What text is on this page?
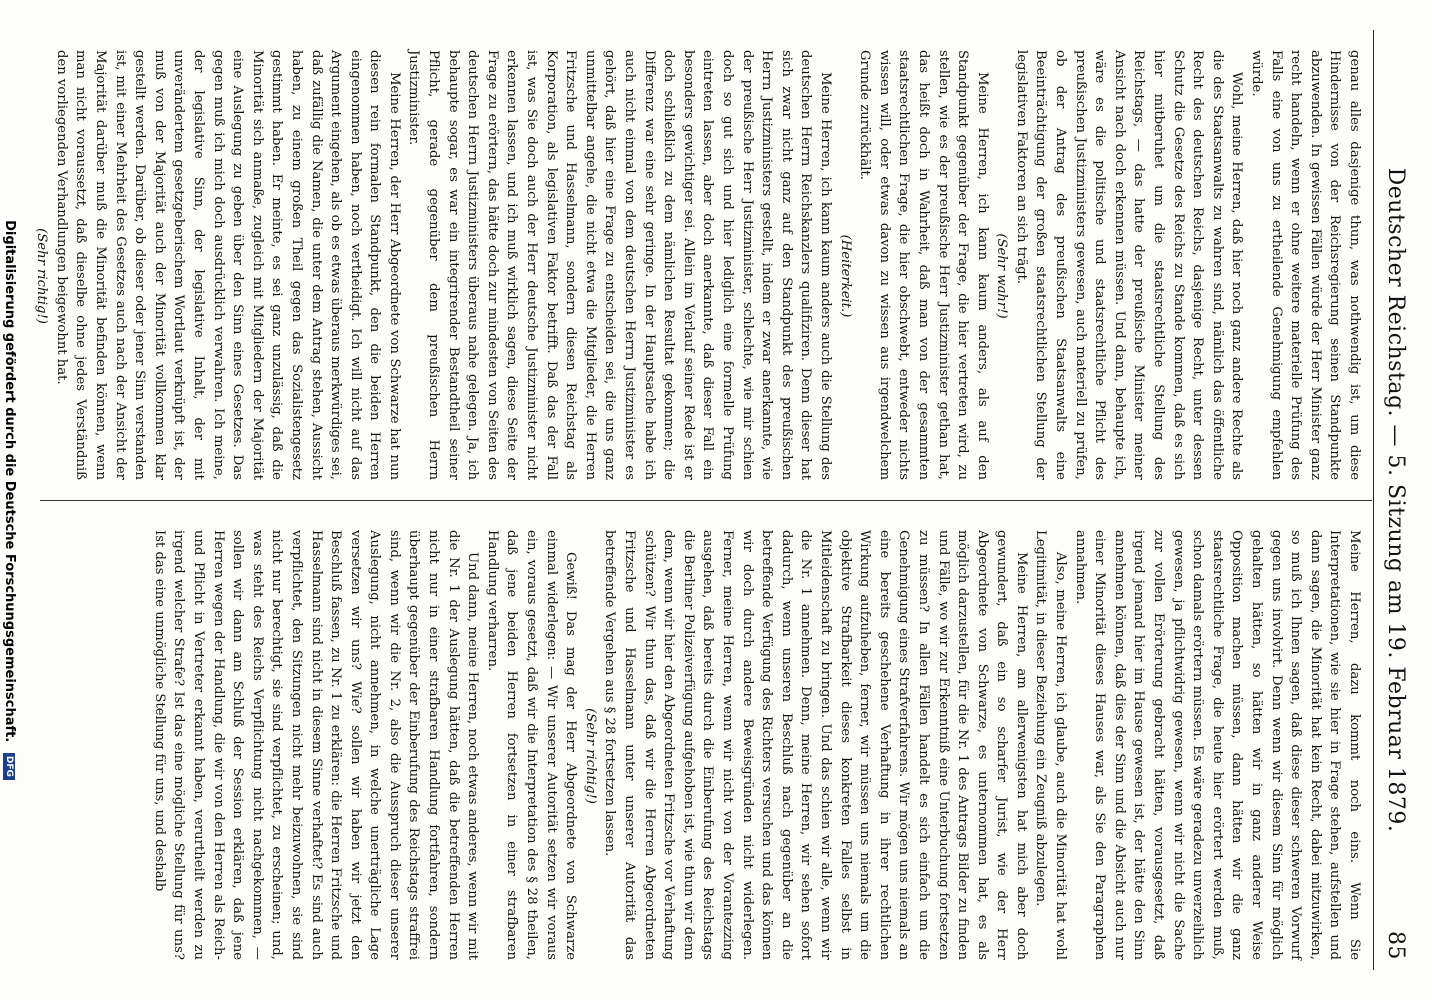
Deutscher Reichstag. — 5. Sitzung am 19. Februar 1879.
85

genau alles dasjenige thun, was nothwendig ist, um diese Hindernisse von der Reichsregierung seinen Standpunkte abzuwenden. In gewissen Fällen würde der Herr Minister ganz recht handeln, wenn er ohne weitere materielle Prüfung des Falls eine von uns zu ertheilende Genehmigung empfehlen würde.

Wohl, meine Herren, daß hier noch ganz andere Rechte als die des Staatsanwalts zu wahren sind, nämlich das öffentliche Recht des deutschen Reichs, dasjenige Recht, unter dessen Schutz die Gesetze des Reichs zu Stande kommen, daß es sich hier mitberuhet um die staatsrechtliche Stellung des Reichstags, — das hatte der preußische Minister meiner Ansicht nach doch erkennen müssen. Und dann, behaupte ich, wäre es die politische und staatsrechtliche Pflicht des preußischen Justizministers gewesen, auch materiell zu prüfen, ob der Antrag des preußischen Staatsanwalts eine Beeinträchtigung der großen staatsrechtlichen Stellung der legislativen Faktoren an sich trägt.

(Sehr wahr!)

Meine Herren, ich kann kaum anders, als auf den Standpunkt gegenüber der Frage, die hier vertreten wird, zu stellen, wie es der preußische Herr Justizminister gethan hat, das heißt doch in Wahrheit, daß man von der gesammten staatsrechtlichen Frage, die hier obschwebt, entweder nichts wissen will, oder etwas davon zu wissen aus irgendwelchem Grunde zurückhält.

(Heiterkeit.)

Meine Herren, ich kann kaum anders auch die Stellung des deutschen Herrn Reichskanzlers qualifiziren. Denn dieser hat sich zwar nicht ganz auf den Standpunkt des preußischen Herrn Justizministers gestellt, indem er zwar anerkannte, wie der preußische Herr Justizminister, schlechte, wie mir schien doch so gut sich und hier lediglich eine formelle Prüfung eintreten lassen, aber doch anerkannte, daß dieser Fall ein besonders gewichtiger sei. Allein im Verlauf seiner Rede ist er doch schließlich zu dem nämlichen Resultat gekommen; die Differenz war eine sehr geringe. In der Hauptsache habe ich auch nicht einmal von dem deutschen Herrn Justizminister es gehört, daß hier eine Frage zu entscheiden sei, die uns ganz unmittelbar angehe, die nicht etwa die Mitglieder, die Herren Fritzsche und Hasselmann, sondern diesen Reichstag als Korporation, als legislativen Faktor betrifft. Daß das der Fall ist, was Sie doch auch der Herr deutsche Justizminister nicht erkennen lassen, und ich muß wirklich sagen, diese Seite der Frage zu erörtern, das hätte doch zur mindesten von Seiten des deutschen Herrn Justizministers überaus nahe gelegen. Ja, ich behaupte sogar, es war ein integrirender Bestandtheil seiner Pflicht, gerade gegenüber dem preußischen Herrn Justizminister.

Meine Herren, der Herr Abgeordnete von Schwarze hat nun diesen rein formalen Standpunkt, den die beiden Herren eingenommen haben, noch vertheidigt. Ich will nicht auf das Argument eingehen, als ob es etwas überaus merkwürdiges sei, daß zufällig die Namen, die unter dem Antrag stehen, Aussicht haben, zu einem großen Theil gegen das Sozialistengesetz gestimmt haben. Er meinte, es sei ganz unzulässig, daß die Minorität sich anmaße, zugleich mit Mitgliedern der Majorität eine Auslegung zu geben über den Sinn eines Gesetzes. Das gegen muß ich mich doch ausdrücklich verwahren. Ich meine, der legislative Sinn, der legislative Inhalt, der mit unverändertem gesetzgeberischem Wortlaut verknüpft ist, der muß von der Majorität auch der Minorität vollkommen klar gestellt werden. Darüber, ob dieser oder jener Sinn verstanden ist, mit einer Mehrheit des Gesetzes auch nach der Ansicht der Majorität darüber muß die Minorität befinden können, wenn man nicht voraussetzt, daß dieselbe ohne jedes Verständniß den vorliegenden Verhandlungen beigewohnt hat.

(Sehr richtig!)

Meine Herren, dazu kommt noch eins. Wenn Sie Interpretationen, wie sie hier in Frage stehen, aufstellen und dann sagen, die Minorität hat kein Recht, dabei mitzuwirken, so muß ich Ihnen sagen, daß diese dieser schweren Vorwurf gegen uns involvirt. Denn wenn wir diesem Sinn für möglich gehalten hätten, so hätten wir in ganz anderer Weise Opposition machen müssen, dann hätten wir die ganz staatsrechtliche Frage, die heute hier erörtert werden muß, schon damals erörtern müssen. Es wäre geradezu unverzeihlich gewesen, ja pflichtwidrig gewesen, wenn wir nicht die Sache zur vollen Erörterung gebracht hätten, vorausgesetzt, daß irgend jemand hier im Hause gewesen ist, der hätte den Sinn annehmen können, daß dies der Sinn und die Absicht auch nur einer Minorität dieses Hauses war, als Sie den Paragraphen annahmen.

Also, meine Herren, ich glaube, auch die Minorität hat wohl Legitimität, in dieser Beziehung ein Zeugniß abzulegen.

Meine Herren, am allerwenigsten hat mich aber doch gewundert, daß ein so scharfer Jurist, wie der Herr Abgeordnete von Schwarze, es unternommen hat, es als möglich darzustellen, für die Nr. 1 des Antrags Bilder zu finden und Fälle, wo wir zur Erkenntniß eine Unterbuchung fortsetzen zu müssen? In allen Fällen handelt es sich einfach um die Genehmigung eines Strafverfahrens. Wir mögen uns niemals an eine bereits geschehene Verhaftung in ihrer rechtlichen Wirkung aufzuheben, ferner, wir müssen uns niemals um die objektive Strafbarkeit dieses konkreten Falles selbst in Mitleidenschaft zu bringen. Und das schien wir alle, wenn wir die Nr. 1 annehmen. Denn, meine Herren, wir sehen sofort dadurch, wenn unseren Beschluß nach gegenüber an die betreffende Verfügung des Richters versuchen und das können wir doch durch andere Beweisgründen nicht widerlegen. Ferner, meine Herren, wenn wir nicht von der Vorantezzing ausgehen, daß bereits durch die Einberufung des Reichstags die Berliner Polizeiverfügung aufgehoben ist, wie thun wir denn dem, wenn wir hier den Abgeordneten Fritzsche vor Verhaftung schützen? Wir thun das, daß wir die Herren Abgeordneten Fritzsche und Hasselmann unter unserer Autorität das betreffende Vergehen aus § 28 fortsetzen lassen.

(Sehr richtig!)

Gewiß! Das mag der Herr Abgeordnete von Schwarze einmal widerlegen: — Wir unserer Autorität setzen wir voraus ein, voraus gesetzt, daß wir die Interpretation des § 28 theilen, daß jene beiden Herren fortsetzen in einer strafbaren Handlung verharren.

Und dann, meine Herren, noch etwas anderes, wenn wir mit die Nr. 1 der Auslegung hätten, daß die betreffenden Herren nicht nur in einer strafbaren Handlung fortfahren, sondern überhaupt gegenüber der Einberufung des Reichstags straffrei sind, wenn wir die Nr. 2, also die Ausspruch dieser unserer Auslegung, nicht annehmen, in welche unerträgliche Lage versetzen wir uns? Wie? sollen wir haben wir jetzt den Beschluß fassen, zu Nr. 1 zu erklären: die Herren Fritzsche und Hasselmann sind nicht in diesem Sinne verhaftet? Es sind auch verpflichtet, den Sitzungen nicht mehr beizuwohnen, sie sind nicht nur berechtigt, sie sind verpflichtet, zu erscheinen; und, was steht des Reichs Verpflichtung nicht nachgekommen, — sollen wir dann am Schluß der Session erklären, daß jene Herren wegen der Handlung, die wir von den Herren als Reich- und Pflicht in Vertreter erkannt haben, verurtheilt werden zu irgend welcher Strafe? Ist das eine mögliche Stellung für uns? Ist das eine unmögliche Stellung für uns, und deshalb

Digitalisierung gefördert durch die Deutsche Forschungsgemeinschaft. DFG
